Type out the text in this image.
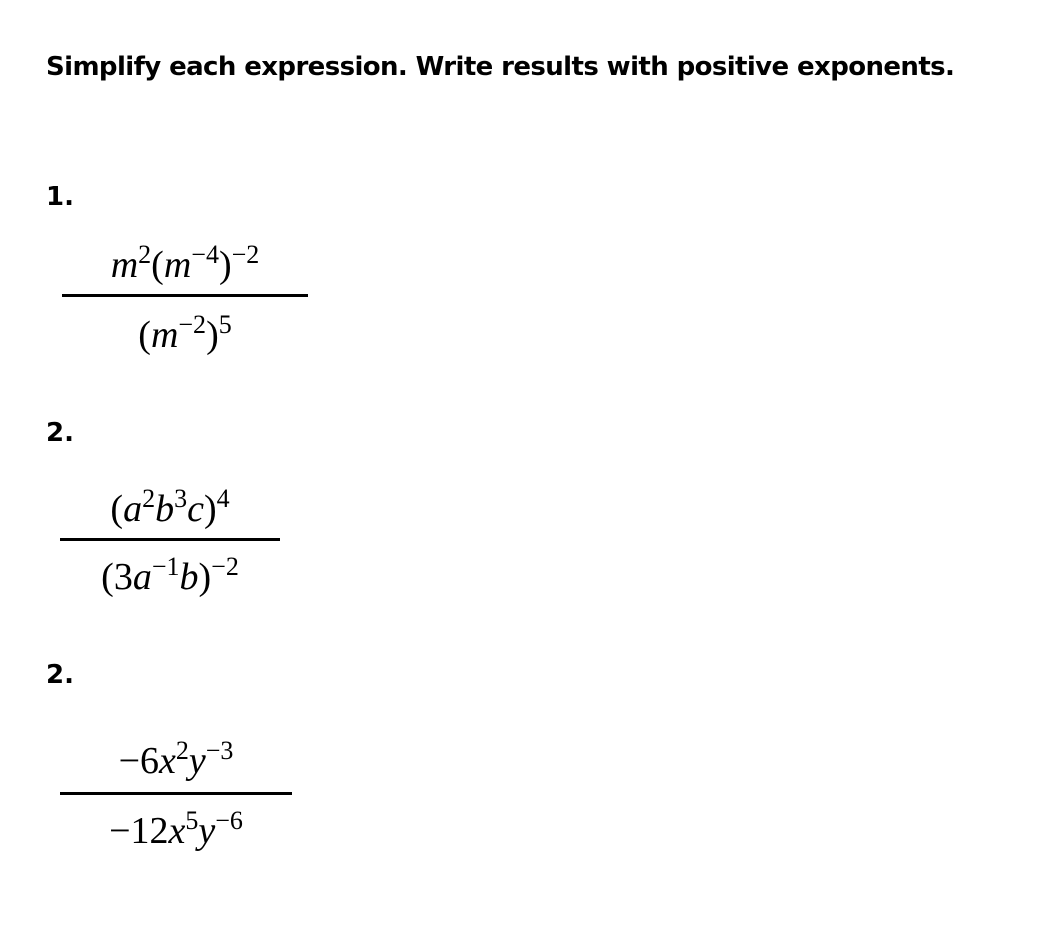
Simplify each expression. Write results with positive exponents.
1.
$m^2(m^{-4})^{-2}$
$(m^{-2})^5$
2.
$(a^2b^3c)^4$
$(3a^{-1}b)^{-2}$
2.
$-6x^2y^{-3}$
$-12x^5y^{-6}$
